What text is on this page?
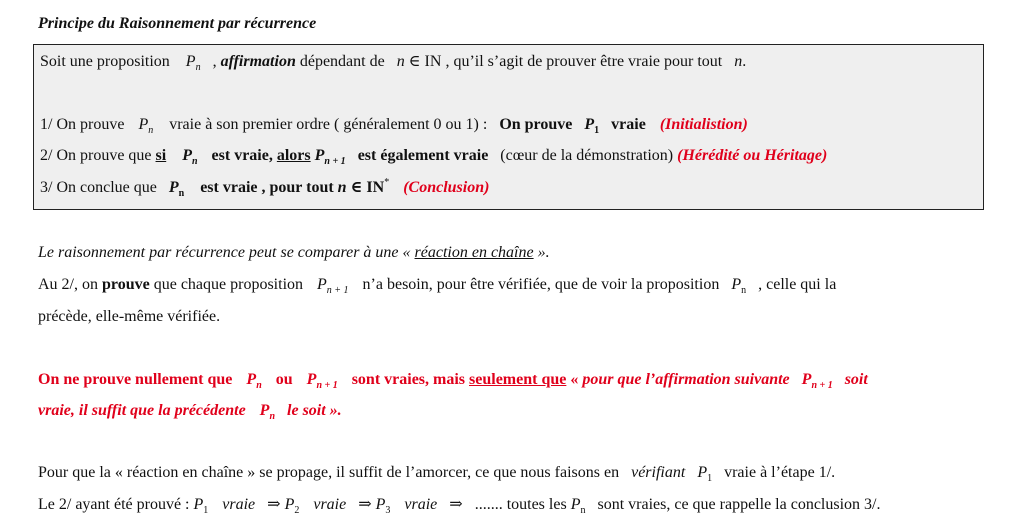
Principe du Raisonnement par récurrence
Soit une proposition $P_n$ , affirmation dépendant de n ∈ IN , qu’il s’agit de prouver être vraie pour tout n.
1/ On prouve $P_n$ vraie à son premier ordre ( généralement 0 ou 1) : On prouve $P_1$ vraie (Initialistion)
2/ On prouve que si $P_n$ est vraie, alors $P_{n + 1}$ est également vraie (cœur de la démonstration) (Hérédité ou Héritage)
3/ On conclue que $P_n$ est vraie , pour tout n ∈ IN* (Conclusion)
Le raisonnement par récurrence peut se comparer à une « réaction en chaîne ».
Au 2/, on prouve que chaque proposition $P_{n + 1}$ n’a besoin, pour être vérifiée, que de voir la proposition $P_n$ , celle qui la
précède, elle-même vérifiée.
On ne prouve nullement que $P_n$ ou $P_{n + 1}$ sont vraies, mais seulement que « pour que l’affirmation suivante $P_{n + 1}$ soit
vraie, il suffit que la précédente $P_n$ le soit ».
Pour que la « réaction en chaîne » se propage, il suffit de l’amorcer, ce que nous faisons en vérifiant $P_1$ vraie à l’étape 1/.
Le 2/ ayant été prouvé : $P_1$ vraie ⇒ $P_2$ vraie ⇒ $P_3$ vraie ⇒ ....... toutes les $P_n$ sont vraies, ce que rappelle la conclusion 3/.
